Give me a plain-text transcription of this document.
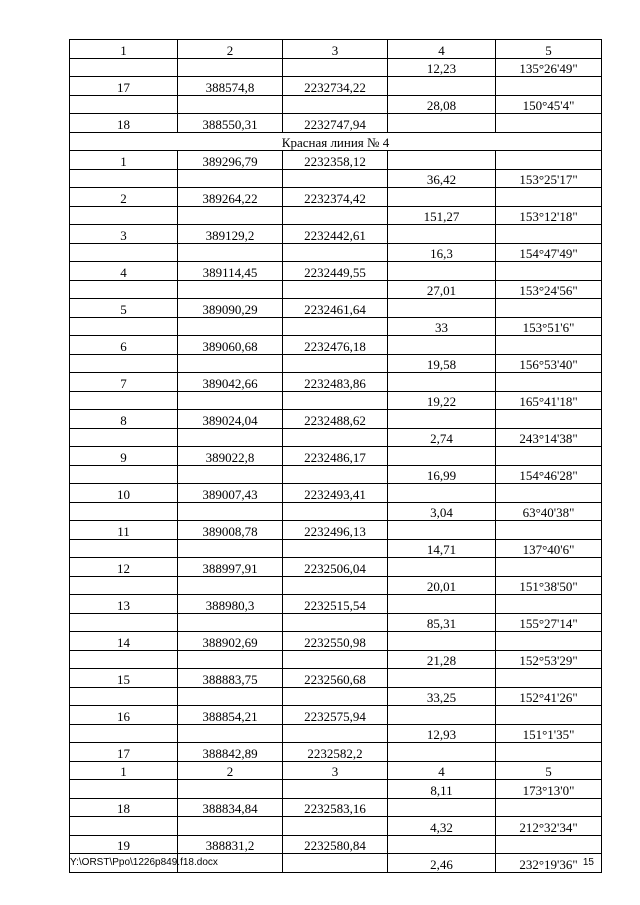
1	2	3	4	5
			12,23	135°26'49"
17	388574,8	2232734,22		
			28,08	150°45'4"
18	388550,31	2232747,94		
Красная линия № 4				
1	389296,79	2232358,12		
			36,42	153°25'17"
2	389264,22	2232374,42		
			151,27	153°12'18"
3	389129,2	2232442,61		
			16,3	154°47'49"
4	389114,45	2232449,55		
			27,01	153°24'56"
5	389090,29	2232461,64		
			33	153°51'6"
6	389060,68	2232476,18		
			19,58	156°53'40"
7	389042,66	2232483,86		
			19,22	165°41'18"
8	389024,04	2232488,62		
			2,74	243°14'38"
9	389022,8	2232486,17		
			16,99	154°46'28"
10	389007,43	2232493,41		
			3,04	63°40'38"
11	389008,78	2232496,13		
			14,71	137°40'6"
12	388997,91	2232506,04		
			20,01	151°38'50"
13	388980,3	2232515,54		
			85,31	155°27'14"
14	388902,69	2232550,98		
			21,28	152°53'29"
15	388883,75	2232560,68		
			33,25	152°41'26"
16	388854,21	2232575,94		
			12,93	151°1'35"
17	388842,89	2232582,2		
1	2	3	4	5
			8,11	173°13'0"
18	388834,84	2232583,16		
			4,32	212°32'34"
19	388831,2	2232580,84		
			2,46	232°19'36"
Y:\ORST\Ppo\1226p849.f18.docx	15
